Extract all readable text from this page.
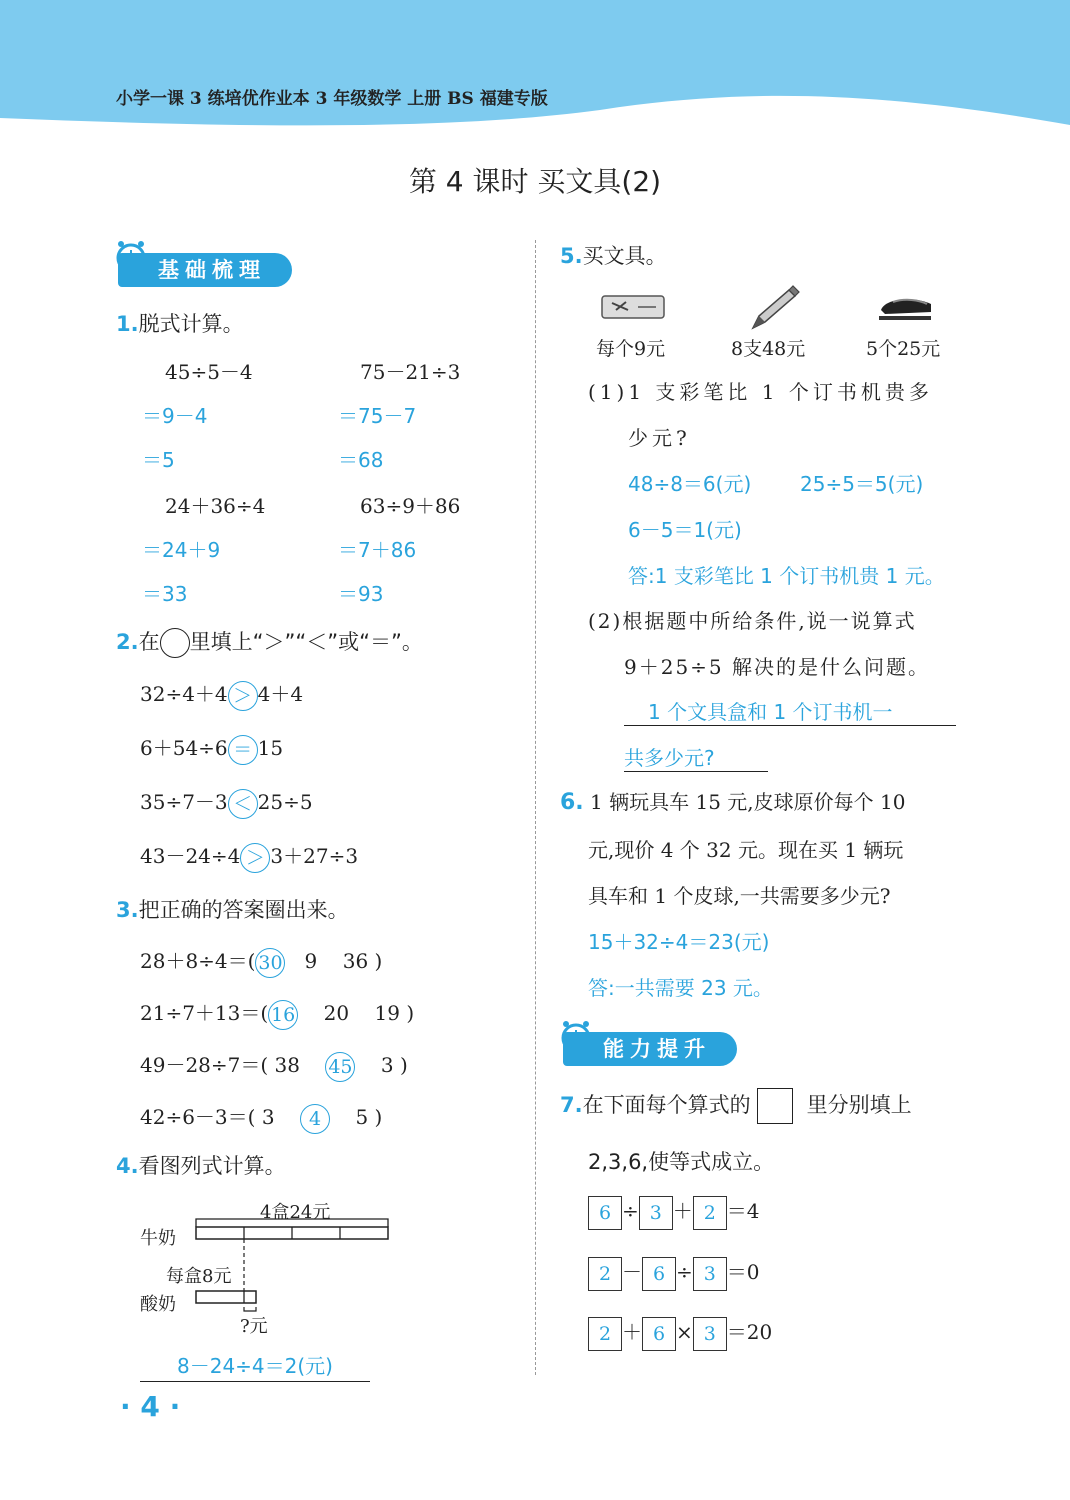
小学一课 3 练培优作业本 3 年级数学 上册 BS 福建专版
第 4 课时 买文具(2)
基础梳理
1.脱式计算。
45÷5－4
＝9－4
＝5
75－21÷3
＝75－7
＝68
24＋36÷4
＝24＋9
＝33
63÷9＋86
＝7＋86
＝93
2.在 里填上“＞”“＜”或“＝”。
32÷4＋4 ＞ 4＋4
6＋54÷6 ＝ 15
35÷7－3 ＜ 25÷5
43－24÷4 ＞ 3＋27÷3
3.把正确的答案圈出来。
28＋8÷4＝( 30 9 36 )
21÷7＋13＝( 16 20 19 )
49－28÷7＝( 38 45 3 )
42÷6－3＝( 3 4 5 )
4.看图列式计算。
4盒24元
牛奶
每盒8元
酸奶
?元
8－24÷4＝2(元)
· 4 ·
5.买文具。
每个9元	8支48元	5个25元
(1)1 支彩笔比 1 个订书机贵多
少元?
48÷8＝6(元) 25÷5＝5(元)
6－5＝1(元)
答:1 支彩笔比 1 个订书机贵 1 元。
(2)根据题中所给条件,说一说算式
9＋25÷5 解决的是什么问题。
1 个文具盒和 1 个订书机一
共多少元?
6. 1 辆玩具车 15 元,皮球原价每个 10
元,现价 4 个 32 元。现在买 1 辆玩
具车和 1 个皮球,一共需要多少元?
15＋32÷4＝23(元)
答:一共需要 23 元。
能力提升
7.在下面每个算式的	里分别填上
2,3,6,使等式成立。
6 ÷ 3 ＋ 2 ＝4
2 － 6 ÷ 3 ＝0
2 ＋ 6 × 3 ＝20
